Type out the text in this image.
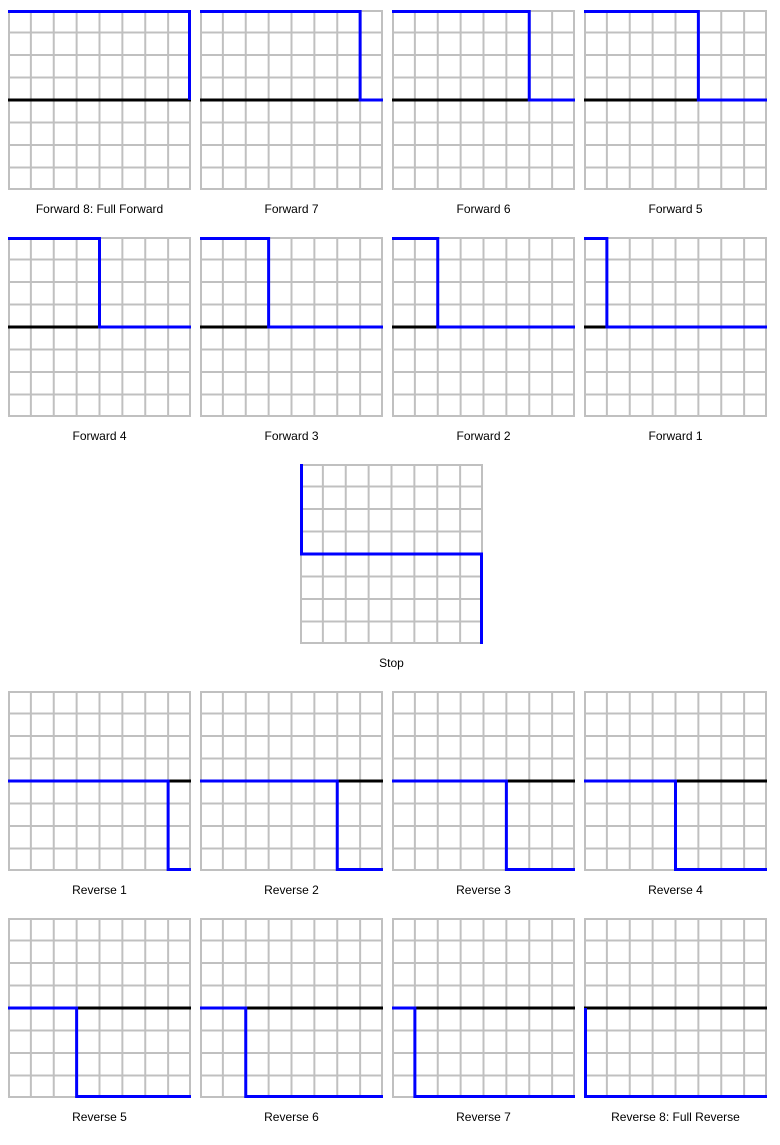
Forward 8: Full Forward	Forward 7	Forward 6	Forward 5
Forward 4	Forward 3	Forward 2	Forward 1
Stop
Reverse 1	Reverse 2	Reverse 3	Reverse 4
Reverse 5	Reverse 6	Reverse 7	Reverse 8: Full Reverse
